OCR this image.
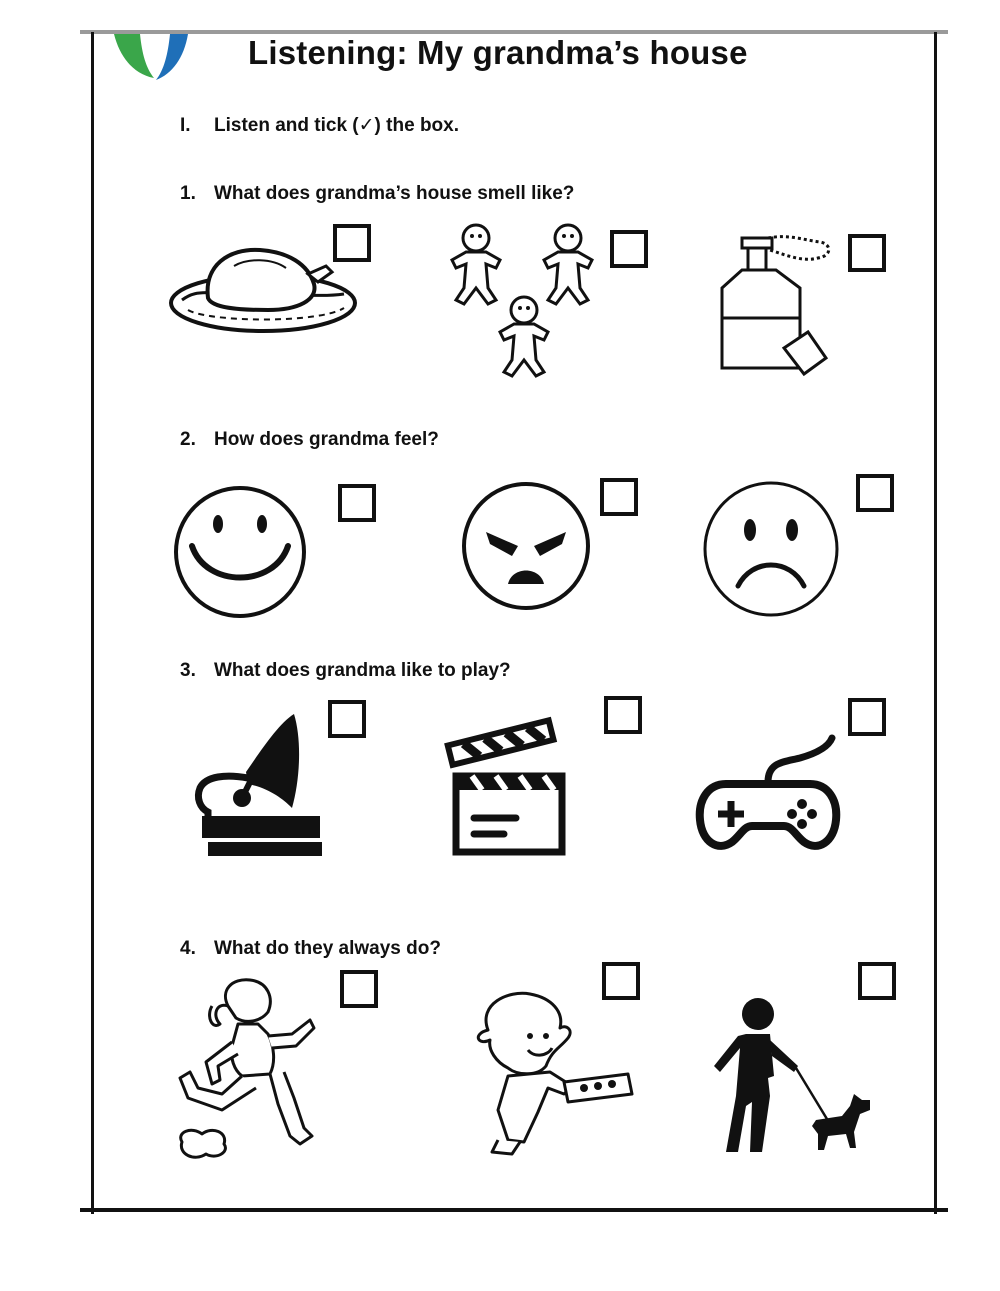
Listening: My grandma’s house
I. Listen and tick (✓) the box.
1. What does grandma’s house smell like?
2. How does grandma feel?
3. What does grandma like to play?
4. What do they always do?
